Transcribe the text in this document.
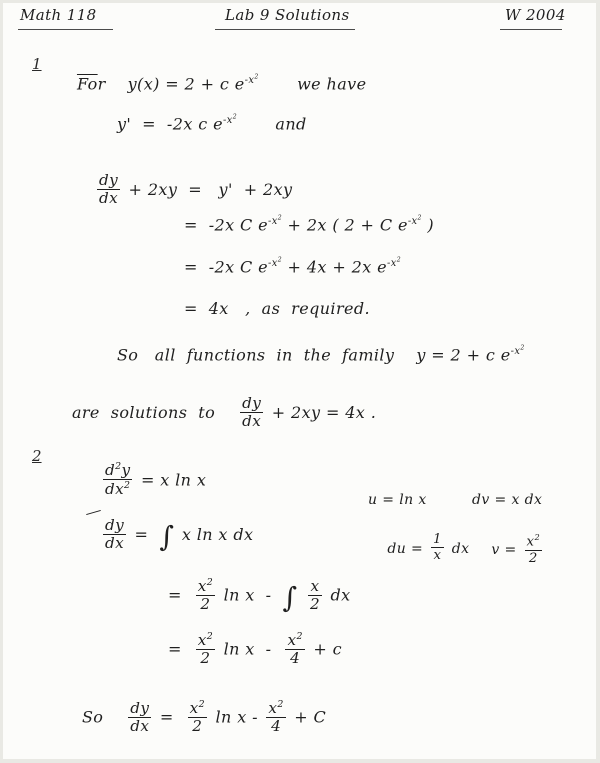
Math 118	Lab 9 Solutions	W 2004
1

$\overline{Fo}r$    y(x) = 2 + c $e^{-x^2}$       we have

y'  =  -2x c $e^{-x^2}$       and

$\frac{dy}{dx} + 2xy = y' + 2xy$

=  -2x C $e^{-x^2} + 2x$ ( 2 + C $e^{-x^2}$ )

=  -2x C $e^{-x^2} + 4x + 2x$ $e^{-x^2}$

=  4x   ,  as  required.

So   all  functions  in  the  family    y = 2 + c $e^{-x^2}$

are  solutions  to $\frac{dy}{dx} + 2xy = 4x$ .

2

$\frac{d^2y}{dx^2} = x$ ln x

$\frac{dy}{dx}$ =  ∫ x ln x dx

= $\frac{x^2}{2}$ ln x  -  ∫ $\frac{x}{2}$ dx

= $\frac{x^2}{2}$ $\ln x - \frac{x^2}{4} + c$

So $\frac{dy}{dx} = \frac{x^2}{2}$ $\ln x - \frac{x^2}{4} + C$

u = ln x	dv = x dx

du = $\frac{1}{x}$ dx

$v = \frac{x^2}{2}$
